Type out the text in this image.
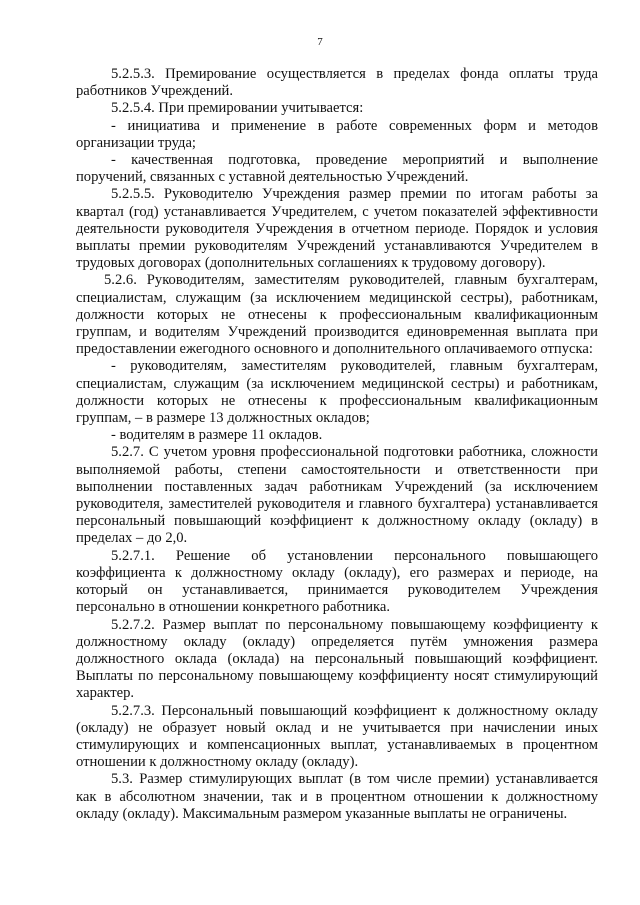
7

5.2.5.3. Премирование осуществляется в пределах фонда оплаты труда работников Учреждений.

5.2.5.4. При премировании учитывается:

- инициатива и применение в работе современных форм и методов организации труда;

- качественная подготовка, проведение мероприятий и выполнение поручений, связанных с уставной деятельностью Учреждений.

5.2.5.5. Руководителю Учреждения размер премии по итогам работы за квартал (год) устанавливается Учредителем, с учетом показателей эффективности деятельности руководителя Учреждения в отчетном периоде. Порядок и условия выплаты премии руководителям Учреждений устанавливаются Учредителем в трудовых договорах (дополнительных соглашениях к трудовому договору).

5.2.6. Руководителям, заместителям руководителей, главным бухгалтерам, специалистам, служащим (за исключением медицинской сестры), работникам, должности которых не отнесены к профессиональным квалификационным группам, и водителям Учреждений производится единовременная выплата при предоставлении ежегодного основного и дополнительного оплачиваемого отпуска:

- руководителям, заместителям руководителей, главным бухгалтерам, специалистам, служащим (за исключением медицинской сестры) и работникам, должности которых не отнесены к профессиональным квалификационным группам, – в размере 13 должностных окладов;

- водителям в размере 11 окладов.

5.2.7. С учетом уровня профессиональной подготовки работника, сложности выполняемой работы, степени самостоятельности и ответственности при выполнении поставленных задач работникам Учреждений (за исключением руководителя, заместителей руководителя и главного бухгалтера) устанавливается персональный повышающий коэффициент к должностному окладу (окладу) в пределах – до 2,0.

5.2.7.1. Решение об установлении персонального повышающего коэффициента к должностному окладу (окладу), его размерах и периоде, на который он устанавливается, принимается руководителем Учреждения персонально в отношении конкретного работника.

5.2.7.2. Размер выплат по персональному повышающему коэффициенту к должностному окладу (окладу) определяется путём умножения размера должностного оклада (оклада) на персональный повышающий коэффициент. Выплаты по персональному повышающему коэффициенту носят стимулирующий характер.

5.2.7.3. Персональный повышающий коэффициент к должностному окладу (окладу) не образует новый оклад и не учитывается при начислении иных стимулирующих и компенсационных выплат, устанавливаемых в процентном отношении к должностному окладу (окладу).

5.3. Размер стимулирующих выплат (в том числе премии) устанавливается как в абсолютном значении, так и в процентном отношении к должностному окладу (окладу). Максимальным размером указанные выплаты не ограничены.
